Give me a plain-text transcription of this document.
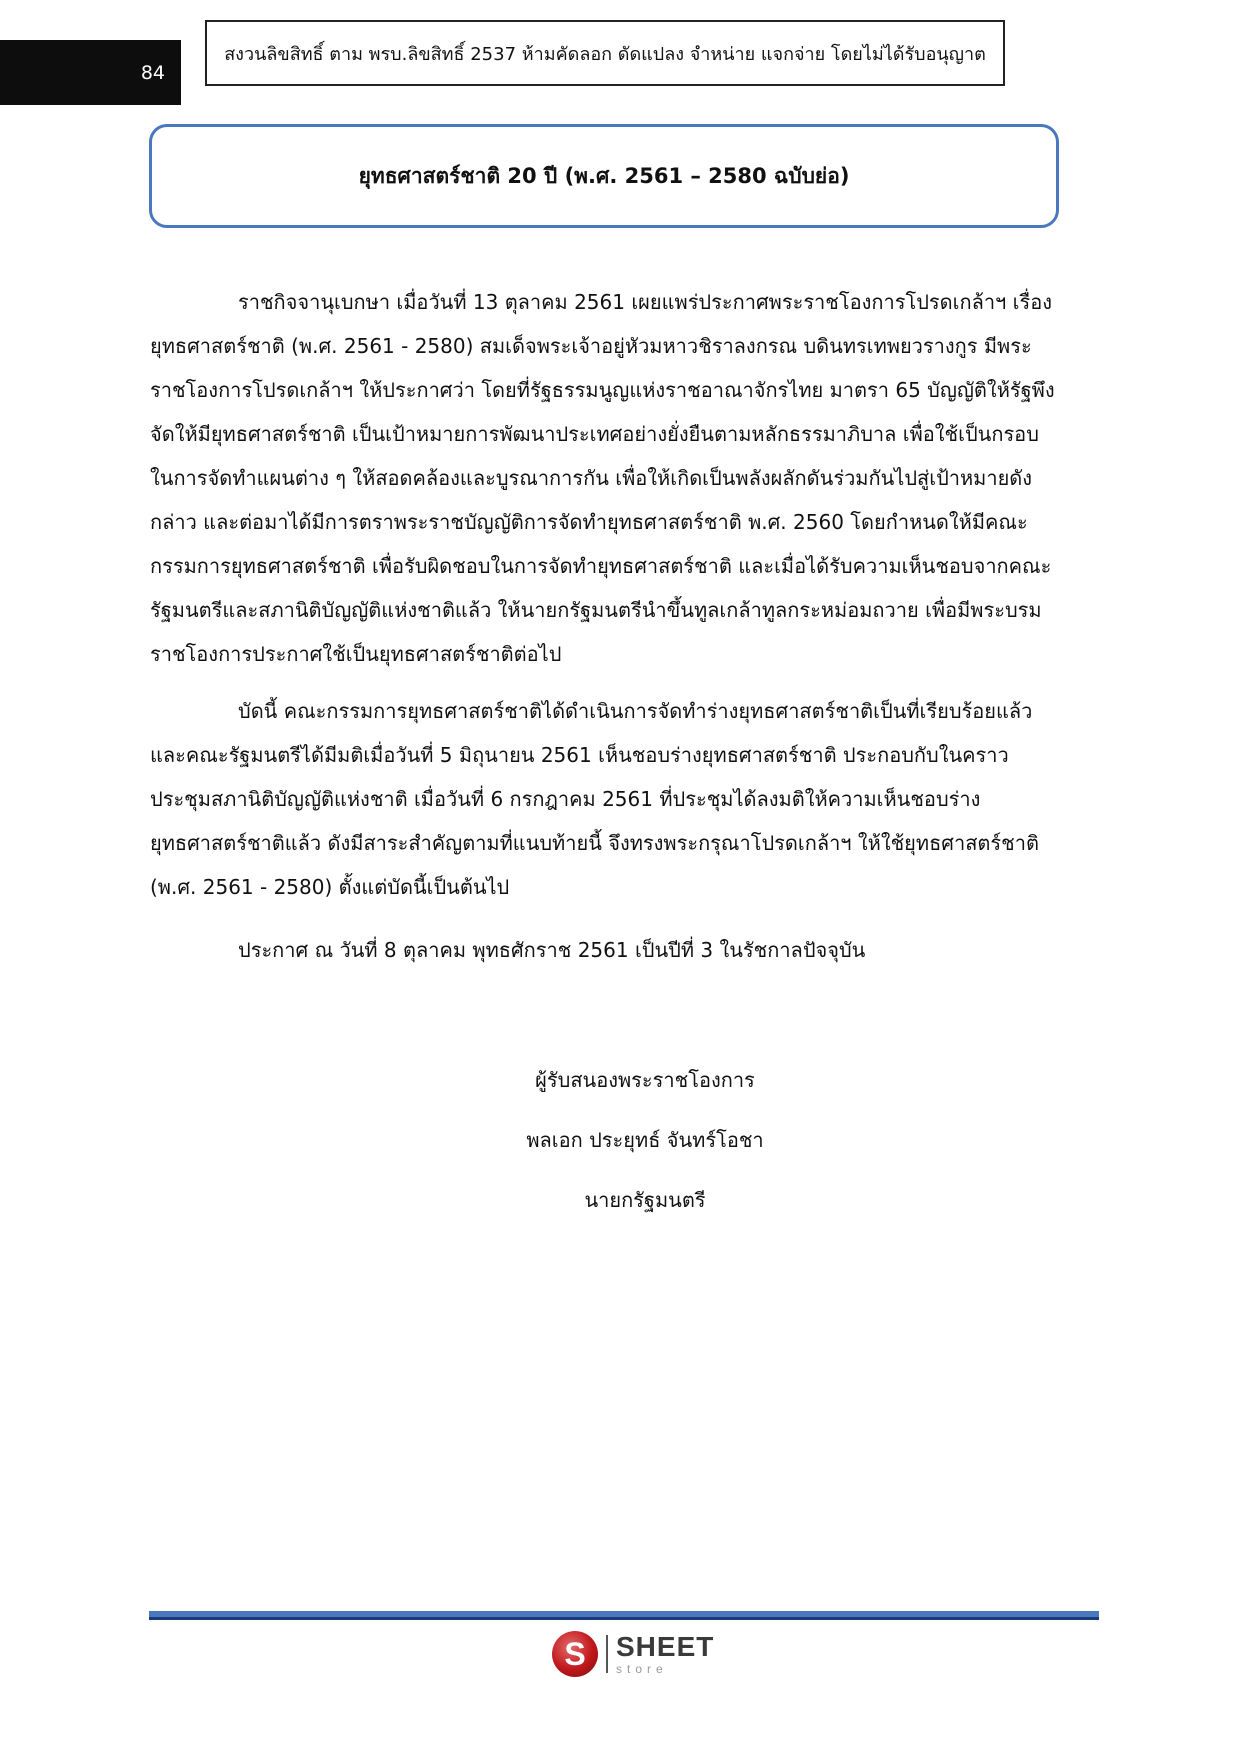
84
สงวนลิขสิทธิ์ ตาม พรบ.ลิขสิทธิ์ 2537 ห้ามคัดลอก ดัดแปลง จำหน่าย แจกจ่าย โดยไม่ได้รับอนุญาต
ยุทธศาสตร์ชาติ 20 ปี (พ.ศ. 2561 – 2580 ฉบับย่อ)

ราชกิจจานุเบกษา เมื่อวันที่ 13 ตุลาคม 2561 เผยแพร่ประกาศพระราชโองการโปรดเกล้าฯ เรื่อง ยุทธศาสตร์ชาติ (พ.ศ. 2561 - 2580) สมเด็จพระเจ้าอยู่หัวมหาวชิราลงกรณ บดินทรเทพยวรางกูร มีพระราชโองการโปรดเกล้าฯ ให้ประกาศว่า โดยที่รัฐธรรมนูญแห่งราชอาณาจักรไทย มาตรา 65 บัญญัติให้รัฐพึงจัดให้มียุทธศาสตร์ชาติ เป็นเป้าหมายการพัฒนาประเทศอย่างยั่งยืนตามหลักธรรมาภิบาล เพื่อใช้เป็นกรอบในการจัดทำแผนต่าง ๆ ให้สอดคล้องและบูรณาการกัน เพื่อให้เกิดเป็นพลังผลักดันร่วมกันไปสู่เป้าหมายดังกล่าว และต่อมาได้มีการตราพระราชบัญญัติการจัดทำยุทธศาสตร์ชาติ พ.ศ. 2560 โดยกำหนดให้มีคณะกรรมการยุทธศาสตร์ชาติ เพื่อรับผิดชอบในการจัดทำยุทธศาสตร์ชาติ และเมื่อได้รับความเห็นชอบจากคณะรัฐมนตรีและสภานิติบัญญัติแห่งชาติแล้ว ให้นายกรัฐมนตรีนำขึ้นทูลเกล้าทูลกระหม่อมถวาย เพื่อมีพระบรมราชโองการประกาศใช้เป็นยุทธศาสตร์ชาติต่อไป

บัดนี้ คณะกรรมการยุทธศาสตร์ชาติได้ดำเนินการจัดทำร่างยุทธศาสตร์ชาติเป็นที่เรียบร้อยแล้ว และคณะรัฐมนตรีได้มีมติเมื่อวันที่ 5 มิถุนายน 2561 เห็นชอบร่างยุทธศาสตร์ชาติ ประกอบกับในคราวประชุมสภานิติบัญญัติแห่งชาติ เมื่อวันที่ 6 กรกฎาคม 2561 ที่ประชุมได้ลงมติให้ความเห็นชอบร่างยุทธศาสตร์ชาติแล้ว ดังมีสาระสำคัญตามที่แนบท้ายนี้ จึงทรงพระกรุณาโปรดเกล้าฯ ให้ใช้ยุทธศาสตร์ชาติ (พ.ศ. 2561 - 2580) ตั้งแต่บัดนี้เป็นต้นไป

ประกาศ ณ วันที่ 8 ตุลาคม พุทธศักราช 2561 เป็นปีที่ 3 ในรัชกาลปัจจุบัน
ผู้รับสนองพระราชโองการ
พลเอก ประยุทธ์ จันทร์โอชา
นายกรัฐมนตรี
S	SHEET
store
